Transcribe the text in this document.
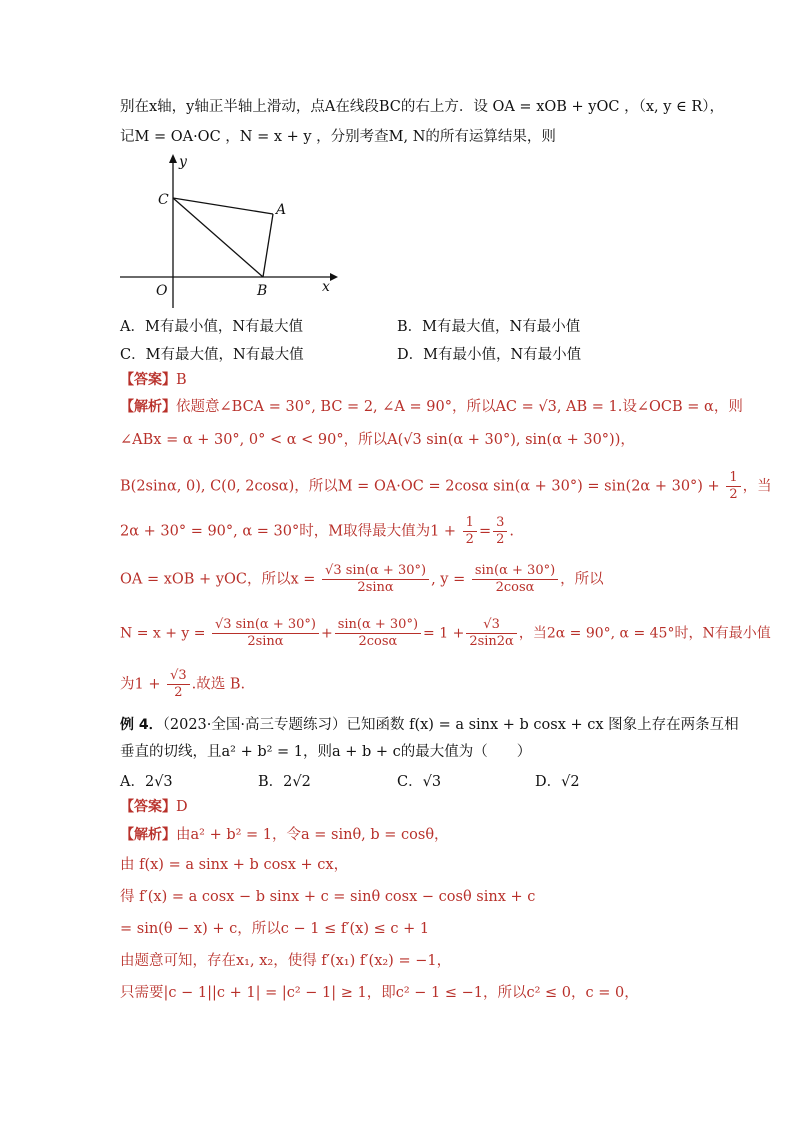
别在x轴，y轴正半轴上滑动，点A在线段BC的右上方．设 OA = xOB + yOC ，（x, y ∈ R），
记M = OA·OC ，N = x + y ，分别考查M, N的所有运算结果，则
y
x
O
A
B
C
A．M有最小值，N有最大值	B．M有最大值，N有最小值
C．M有最大值，N有最大值	D．M有最小值，N有最小值
【答案】B
【解析】依题意∠BCA = 30°, BC = 2, ∠A = 90°，所以AC = √3, AB = 1.设∠OCB = α，则
∠ABx = α + 30°, 0° < α < 90°，所以A(√3 sin(α + 30°), sin(α + 30°))，
B(2sinα, 0), C(0, 2cosα)，所以M = OA·OC = 2cosα $\sin(\alpha + 30^\circ) = \sin(2\alpha + 30^\circ) + \frac{1}{2}$ ，当
2α + 30° = 90°, α = 30°时，M取得最大值为$1 + \frac{1}{2} = \frac{3}{2}$ .
OA = xOB + yOC，所以$x = \frac{√3 \sin(\alpha + 30^\circ)}{2\sin\alpha}$ , $y = \frac{\sin(\alpha + 30^\circ)}{2\cos\alpha}$ ，所以
$N = x + y = \frac{√3 \sin(\alpha + 30^\circ)}{2\sin\alpha} + \frac{\sin(\alpha + 30^\circ)}{2\cos\alpha} = 1 + \frac{√3}{2\sin 2\alpha}$ ，当2α = 90°, α = 45°时，N有最小值
为$1 + \frac{√3}{2}$ .故选 B.
例 4．（2023·全国·高三专题练习）已知函数 f(x) = a sinx + b cosx + cx 图象上存在两条互相
垂直的切线，且a² + b² = 1，则a + b + c的最大值为（　　）
A．2√3	B．2√2	C．√3	D．√2
【答案】D
【解析】由a² + b² = 1，令a = sinθ, b = cosθ，
由 f(x) = a sinx + b cosx + cx，
得 f′(x) = a cosx − b sinx + c = sinθ cosx − cosθ sinx + c
= sin(θ − x) + c，所以c − 1 ≤ f′(x) ≤ c + 1
由题意可知，存在x₁, x₂，使得 f′(x₁) f′(x₂) = −1，
只需要|c − 1||c + 1| = |c² − 1| ≥ 1，即c² − 1 ≤ −1，所以c² ≤ 0，c = 0，
